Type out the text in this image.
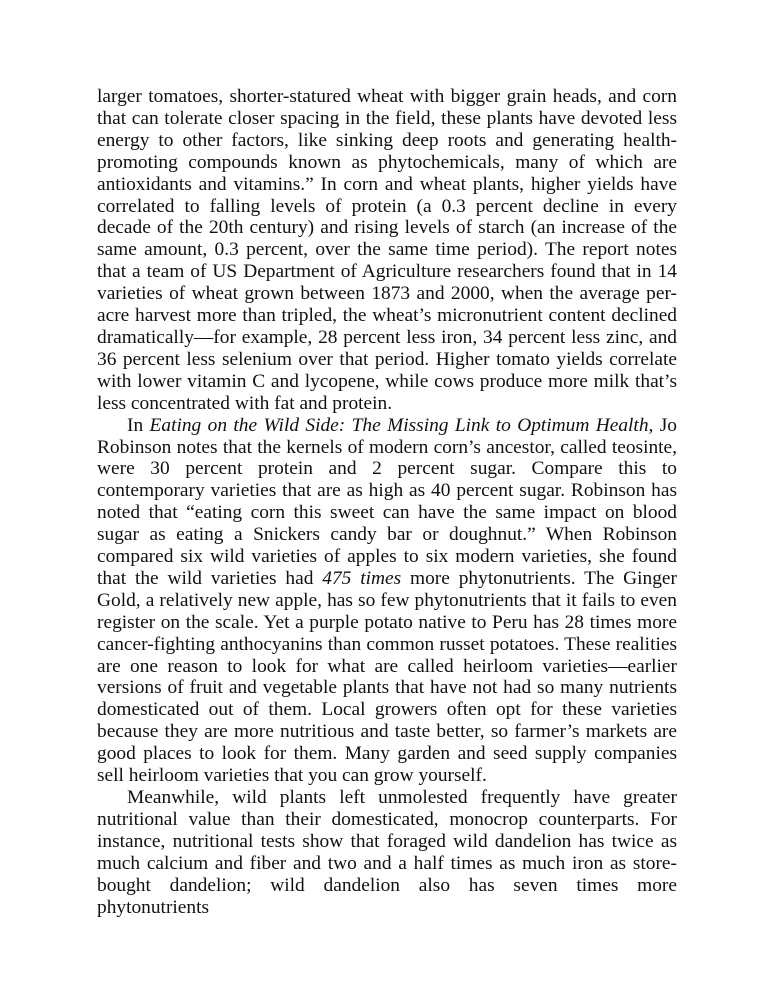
larger tomatoes, shorter-statured wheat with bigger grain heads, and corn that can tolerate closer spacing in the field, these plants have devoted less energy to other factors, like sinking deep roots and generating health-promoting compounds known as phytochemicals, many of which are antioxidants and vitamins.” In corn and wheat plants, higher yields have correlated to falling levels of protein (a 0.3 percent decline in every decade of the 20th century) and rising levels of starch (an increase of the same amount, 0.3 percent, over the same time period). The report notes that a team of US Department of Agriculture researchers found that in 14 varieties of wheat grown between 1873 and 2000, when the average per-acre harvest more than tripled, the wheat’s micronutrient content declined dramatically—for example, 28 percent less iron, 34 percent less zinc, and 36 percent less selenium over that period. Higher tomato yields correlate with lower vitamin C and lycopene, while cows produce more milk that’s less concentrated with fat and protein.

In Eating on the Wild Side: The Missing Link to Optimum Health, Jo Robinson notes that the kernels of modern corn’s ancestor, called teosinte, were 30 percent protein and 2 percent sugar. Compare this to contemporary varieties that are as high as 40 percent sugar. Robinson has noted that “eating corn this sweet can have the same impact on blood sugar as eating a Snickers candy bar or doughnut.” When Robinson compared six wild varieties of apples to six modern varieties, she found that the wild varieties had 475 times more phytonutrients. The Ginger Gold, a relatively new apple, has so few phytonutrients that it fails to even register on the scale. Yet a purple potato native to Peru has 28 times more cancer-fighting anthocyanins than common russet potatoes. These realities are one reason to look for what are called heirloom varieties—earlier versions of fruit and vegetable plants that have not had so many nutrients domesticated out of them. Local growers often opt for these varieties because they are more nutritious and taste better, so farmer’s markets are good places to look for them. Many garden and seed supply companies sell heirloom varieties that you can grow yourself.

Meanwhile, wild plants left unmolested frequently have greater nutritional value than their domesticated, monocrop counterparts. For instance, nutritional tests show that foraged wild dandelion has twice as much calcium and fiber and two and a half times as much iron as store-bought dandelion; wild dandelion also has seven times more phytonutrients
